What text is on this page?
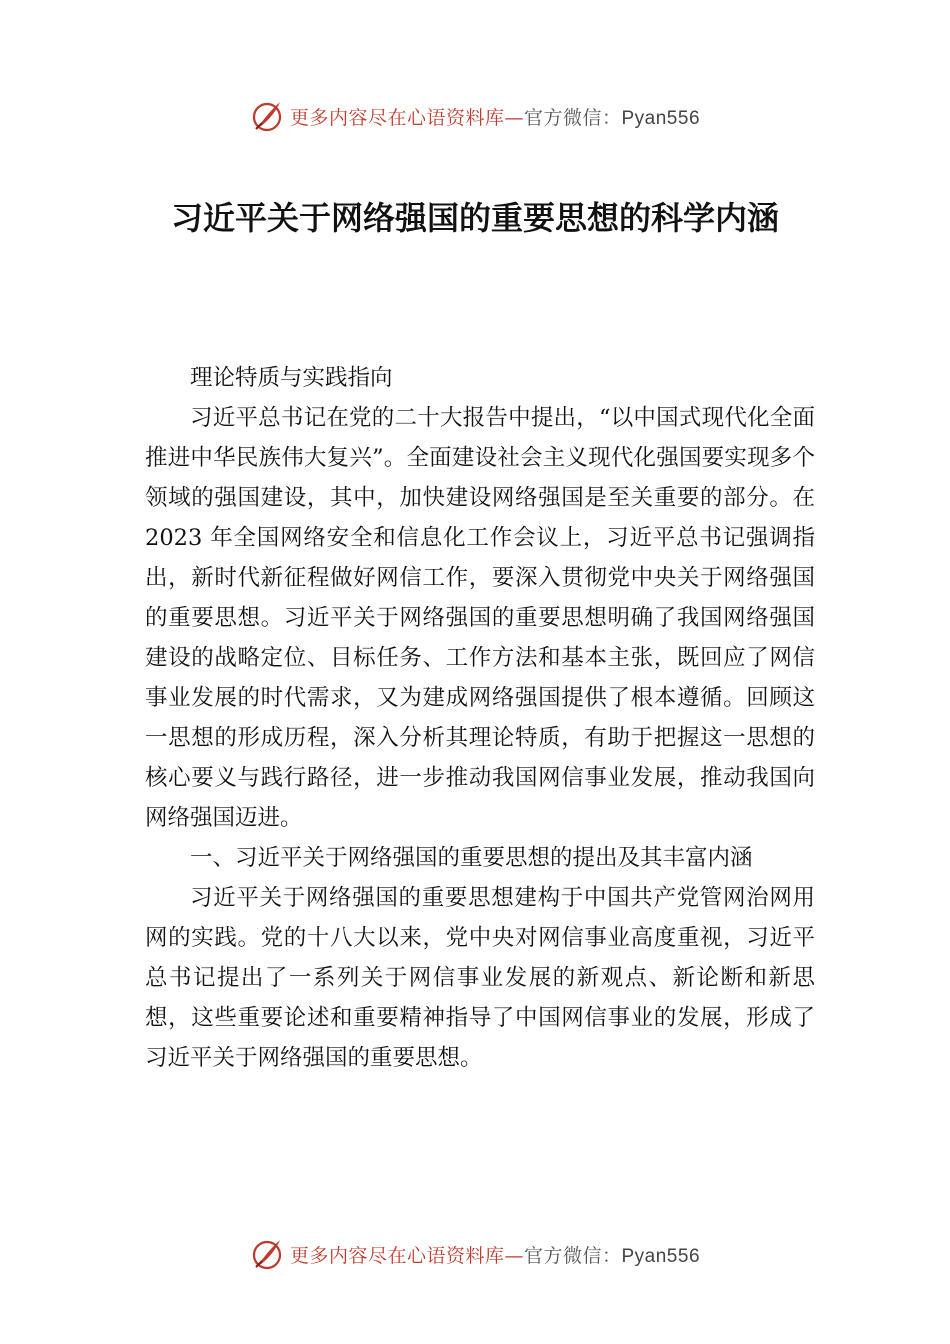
更多内容尽在心语资料库—官方微信：Pyan556
习近平关于网络强国的重要思想的科学内涵

理论特质与实践指向

习近平总书记在党的二十大报告中提出，“以中国式现代化全面推进中华民族伟大复兴”。全面建设社会主义现代化强国要实现多个领域的强国建设，其中，加快建设网络强国是至关重要的部分。在 2023 年全国网络安全和信息化工作会议上，习近平总书记强调指出，新时代新征程做好网信工作，要深入贯彻党中央关于网络强国的重要思想。习近平关于网络强国的重要思想明确了我国网络强国建设的战略定位、目标任务、工作方法和基本主张，既回应了网信事业发展的时代需求，又为建成网络强国提供了根本遵循。回顾这一思想的形成历程，深入分析其理论特质，有助于把握这一思想的核心要义与践行路径，进一步推动我国网信事业发展，推动我国向网络强国迈进。

一、习近平关于网络强国的重要思想的提出及其丰富内涵

习近平关于网络强国的重要思想建构于中国共产党管网治网用网的实践。党的十八大以来，党中央对网信事业高度重视，习近平总书记提出了一系列关于网信事业发展的新观点、新论断和新思想，这些重要论述和重要精神指导了中国网信事业的发展，形成了习近平关于网络强国的重要思想。

更多内容尽在心语资料库—官方微信：Pyan556
